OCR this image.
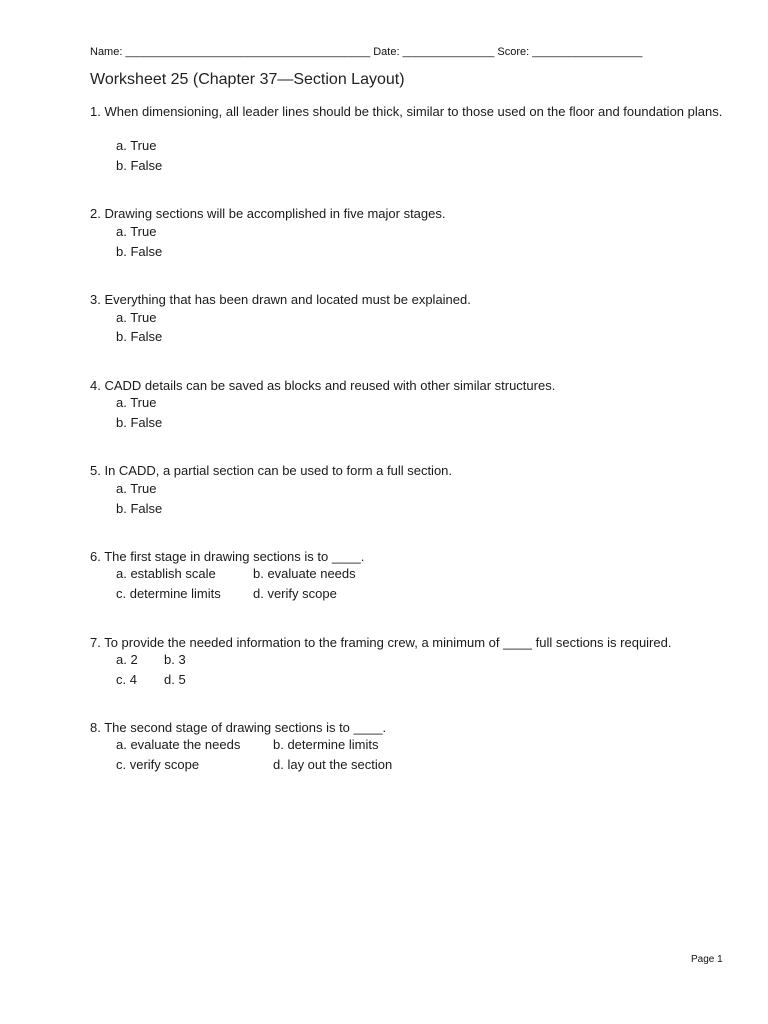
Name: ________________________________________ Date: _______________ Score: __________________
Worksheet 25 (Chapter 37—Section Layout)

1. When dimensioning, all leader lines should be thick, similar to those used on the floor and foundation plans.

a. True
b. False

2. Drawing sections will be accomplished in five major stages.

a. True
b. False

3. Everything that has been drawn and located must be explained.

a. True
b. False

4. CADD details can be saved as blocks and reused with other similar structures.

a. True
b. False

5. In CADD, a partial section can be used to form a full section.

a. True
b. False

6. The first stage in drawing sections is to ____.

a. establish scale	b. evaluate needs
c. determine limits d. verify scope

7. To provide the needed information to the framing crew, a minimum of ____ full sections is required.

a. 2 b. 3
c. 4 d. 5

8. The second stage of drawing sections is to ____.

a. evaluate the needs	b. determine limits
c. verify scope	d. lay out the section
Page 1
